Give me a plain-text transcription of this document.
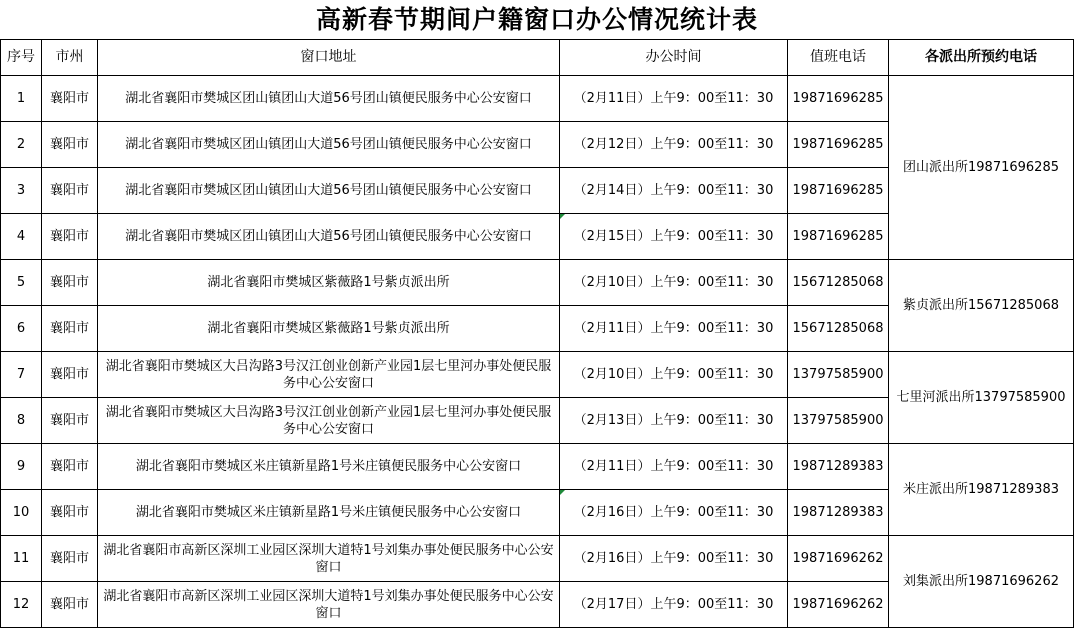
高新春节期间户籍窗口办公情况统计表
序号	市州	窗口地址	办公时间	值班电话	各派出所预约电话
1	襄阳市	湖北省襄阳市樊城区团山镇团山大道56号团山镇便民服务中心公安窗口	（2月11日）上午9：00至11：30	19871696285	团山派出所19871696285
2	襄阳市	湖北省襄阳市樊城区团山镇团山大道56号团山镇便民服务中心公安窗口	（2月12日）上午9：00至11：30	19871696285	
3	襄阳市	湖北省襄阳市樊城区团山镇团山大道56号团山镇便民服务中心公安窗口	（2月14日）上午9：00至11：30	19871696285	
4	襄阳市	湖北省襄阳市樊城区团山镇团山大道56号团山镇便民服务中心公安窗口	（2月15日）上午9：00至11：30	19871696285	
5	襄阳市	湖北省襄阳市樊城区紫薇路1号紫贞派出所	（2月10日）上午9：00至11：30	15671285068	紫贞派出所15671285068
6	襄阳市	湖北省襄阳市樊城区紫薇路1号紫贞派出所	（2月11日）上午9：00至11：30	15671285068	
7	襄阳市	湖北省襄阳市樊城区大吕沟路3号汉江创业创新产业园1层七里河办事处便民服务中心公安窗口	（2月10日）上午9：00至11：30	13797585900	七里河派出所13797585900
8	襄阳市	湖北省襄阳市樊城区大吕沟路3号汉江创业创新产业园1层七里河办事处便民服务中心公安窗口	（2月13日）上午9：00至11：30	13797585900	
9	襄阳市	湖北省襄阳市樊城区米庄镇新星路1号米庄镇便民服务中心公安窗口	（2月11日）上午9：00至11：30	19871289383	米庄派出所19871289383
10	襄阳市	湖北省襄阳市樊城区米庄镇新星路1号米庄镇便民服务中心公安窗口	（2月16日）上午9：00至11：30	19871289383	
11	襄阳市	湖北省襄阳市高新区深圳工业园区深圳大道特1号刘集办事处便民服务中心公安窗口	（2月16日）上午9：00至11：30	19871696262	刘集派出所19871696262
12	襄阳市	湖北省襄阳市高新区深圳工业园区深圳大道特1号刘集办事处便民服务中心公安窗口	（2月17日）上午9：00至11：30	19871696262	
